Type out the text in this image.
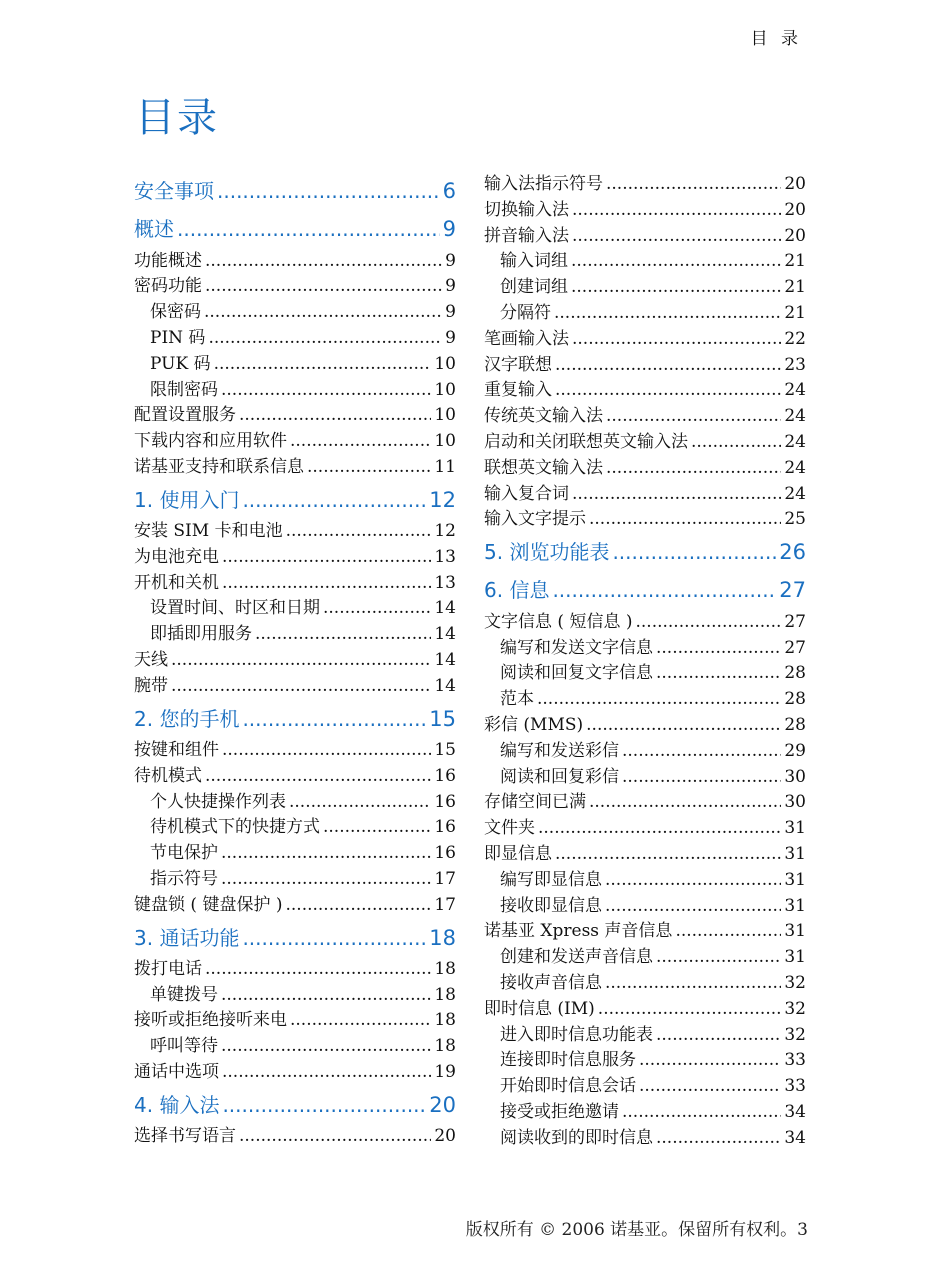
目 录
目录
安全事项 .....	6
概述 .....	9
功能概述 .....	9
密码功能 .....	9
保密码 .....	9
PIN 码 .....	9
PUK 码 .....	10
限制密码 .....	10
配置设置服务 .....	10
下载内容和应用软件 .....	10
诺基亚支持和联系信息 .....	11
1. 使用入门 .....	12
安装 SIM 卡和电池 .....	12
为电池充电 .....	13
开机和关机 .....	13
设置时间、时区和日期 .....	14
即插即用服务 .....	14
天线 .....	14
腕带 .....	14
2. 您的手机 .....	15
按键和组件 .....	15
待机模式 .....	16
个人快捷操作列表 .....	16
待机模式下的快捷方式 .....	16
节电保护 .....	16
指示符号 .....	17
键盘锁 ( 键盘保护 ) .....	17
3. 通话功能 .....	18
拨打电话 .....	18
单键拨号 .....	18
接听或拒绝接听来电 .....	18
呼叫等待 .....	18
通话中选项 .....	19
4. 输入法 .....	20
选择书写语言 .....	20
输入法指示符号 .....	20
切换输入法 .....	20
拼音输入法 .....	20
输入词组 .....	21
创建词组 .....	21
分隔符 .....	21
笔画输入法 .....	22
汉字联想 .....	23
重复输入 .....	24
传统英文输入法 .....	24
启动和关闭联想英文输入法 .....	24
联想英文输入法 .....	24
输入复合词 .....	24
输入文字提示 .....	25
5. 浏览功能表 .....	26
6. 信息 .....	27
文字信息 ( 短信息 ) .....	27
编写和发送文字信息 .....	27
阅读和回复文字信息 .....	28
范本 .....	28
彩信 (MMS) .....	28
编写和发送彩信 .....	29
阅读和回复彩信 .....	30
存储空间已满 .....	30
文件夹 .....	31
即显信息 .....	31
编写即显信息 .....	31
接收即显信息 .....	31
诺基亚 Xpress 声音信息 .....	31
创建和发送声音信息 .....	31
接收声音信息 .....	32
即时信息 (IM) .....	32
进入即时信息功能表 .....	32
连接即时信息服务 .....	33
开始即时信息会话 .....	33
接受或拒绝邀请 .....	34
阅读收到的即时信息 .....	34
版权所有 © 2006 诺基亚。保留所有权利。3
